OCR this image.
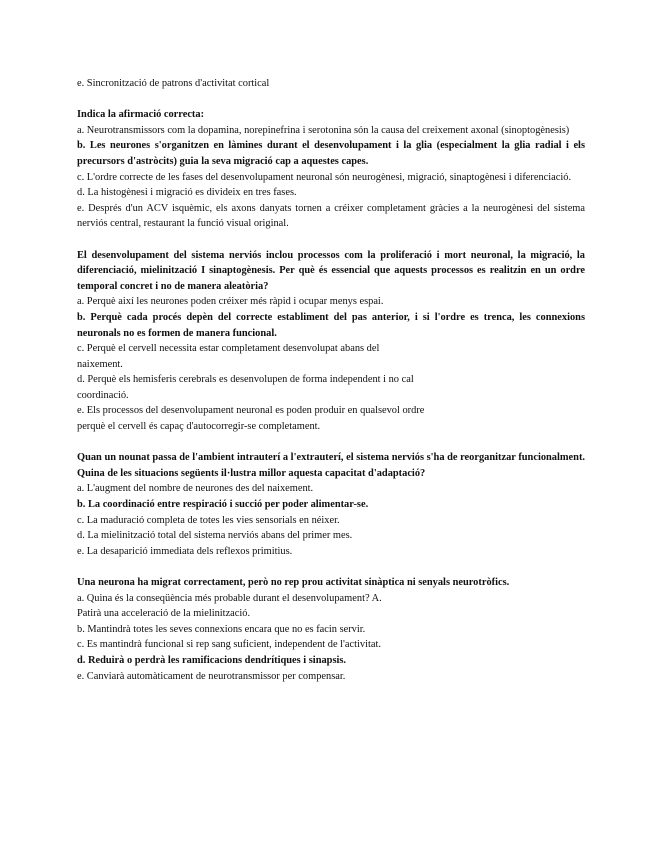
e. Sincronització de patrons d'activitat cortical

Indica la afirmació correcta:

a. Neurotransmissors com la dopamina, norepinefrina i serotonina són la causa del creixement axonal (sinoptogènesis)

b. Les neurones s'organitzen en làmines durant el desenvolupament i la glia (especialment la glia radial i els precursors d'astròcits) guia la seva migració cap a aquestes capes.

c. L'ordre correcte de les fases del desenvolupament neuronal són neurogènesi, migració, sinaptogènesi i diferenciació.

d. La histogènesi i migració es divideix en tres fases.

e. Després d'un ACV isquèmic, els axons danyats tornen a créixer completament gràcies a la neurogènesi del sistema nerviós central, restaurant la funció visual original.

El desenvolupament del sistema nerviós inclou processos com la proliferació i mort neuronal, la migració, la diferenciació, mielinització I sinaptogènesis. Per què és essencial que aquests processos es realitzin en un ordre temporal concret i no de manera aleatòria?

a. Perquè així les neurones poden créixer més ràpid i ocupar menys espai.

b. Perquè cada procés depèn del correcte establiment del pas anterior, i si l'ordre es trenca, les connexions neuronals no es formen de manera funcional.

c. Perquè el cervell necessita estar completament desenvolupat abans del naixement.

d. Perquè els hemisferis cerebrals es desenvolupen de forma independent i no cal coordinació.

e. Els processos del desenvolupament neuronal es poden produir en qualsevol ordre perquè el cervell és capaç d'autocorregir-se completament.

Quan un nounat passa de l'ambient intrauterí a l'extrauterí, el sistema nerviós s'ha de reorganitzar funcionalment. Quina de les situacions següents il·lustra millor aquesta capacitat d'adaptació?

a. L'augment del nombre de neurones des del naixement.

b. La coordinació entre respiració i succió per poder alimentar-se.

c. La maduració completa de totes les vies sensorials en néixer.

d. La mielinització total del sistema nerviós abans del primer mes.

e. La desaparició immediata dels reflexos primitius.

Una neurona ha migrat correctament, però no rep prou activitat sinàptica ni senyals neurotròfics.

a. Quina és la conseqüència més probable durant el desenvolupament? A. Patirà una acceleració de la mielinització.

b. Mantindrà totes les seves connexions encara que no es facin servir.

c. Es mantindrà funcional si rep sang suficient, independent de l'activitat.

d. Reduirà o perdrà les ramificacions dendrítiques i sinapsis.

e. Canviarà automàticament de neurotransmissor per compensar.
